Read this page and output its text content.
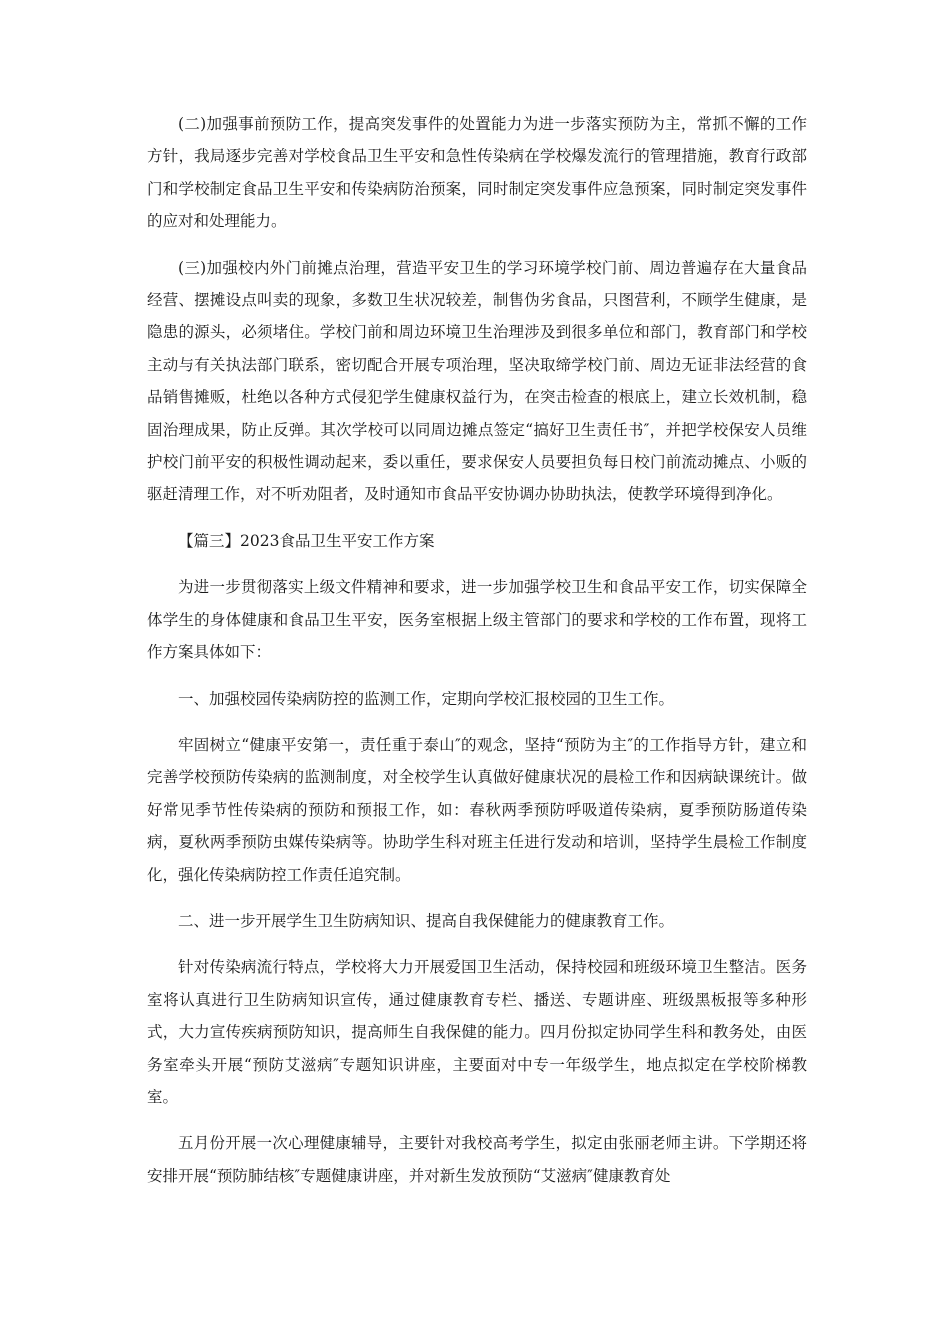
(二)加强事前预防工作，提高突发事件的处置能力为进一步落实预防为主，常抓不懈的工作方针，我局逐步完善对学校食品卫生平安和急性传染病在学校爆发流行的管理措施，教育行政部门和学校制定食品卫生平安和传染病防治预案，同时制定突发事件应急预案，同时制定突发事件的应对和处理能力。

(三)加强校内外门前摊点治理，营造平安卫生的学习环境学校门前、周边普遍存在大量食品经营、摆摊设点叫卖的现象，多数卫生状况较差，制售伪劣食品，只图营利，不顾学生健康，是隐患的源头，必须堵住。学校门前和周边环境卫生治理涉及到很多单位和部门，教育部门和学校主动与有关执法部门联系，密切配合开展专项治理，坚决取缔学校门前、周边无证非法经营的食品销售摊贩，杜绝以各种方式侵犯学生健康权益行为，在突击检查的根底上，建立长效机制，稳固治理成果，防止反弹。其次学校可以同周边摊点签定“搞好卫生责任书″，并把学校保安人员维护校门前平安的积极性调动起来，委以重任，要求保安人员要担负每日校门前流动摊点、小贩的驱赶清理工作，对不听劝阻者，及时通知市食品平安协调办协助执法，使教学环境得到净化。

【篇三】2023食品卫生平安工作方案

为进一步贯彻落实上级文件精神和要求，进一步加强学校卫生和食品平安工作，切实保障全体学生的身体健康和食品卫生平安，医务室根据上级主管部门的要求和学校的工作布置，现将工作方案具体如下：

一、加强校园传染病防控的监测工作，定期向学校汇报校园的卫生工作。

牢固树立“健康平安第一，责任重于泰山″的观念，坚持“预防为主″的工作指导方针，建立和完善学校预防传染病的监测制度，对全校学生认真做好健康状况的晨检工作和因病缺课统计。做好常见季节性传染病的预防和预报工作，如：春秋两季预防呼吸道传染病，夏季预防肠道传染病，夏秋两季预防虫媒传染病等。协助学生科对班主任进行发动和培训，坚持学生晨检工作制度化，强化传染病防控工作责任追究制。

二、进一步开展学生卫生防病知识、提高自我保健能力的健康教育工作。

针对传染病流行特点，学校将大力开展爱国卫生活动，保持校园和班级环境卫生整洁。医务室将认真进行卫生防病知识宣传，通过健康教育专栏、播送、专题讲座、班级黑板报等多种形式，大力宣传疾病预防知识，提高师生自我保健的能力。四月份拟定协同学生科和教务处，由医务室牵头开展“预防艾滋病″专题知识讲座，主要面对中专一年级学生，地点拟定在学校阶梯教室。

五月份开展一次心理健康辅导，主要针对我校高考学生，拟定由张丽老师主讲。下学期还将安排开展“预防肺结核″专题健康讲座，并对新生发放预防“艾滋病″健康教育处
